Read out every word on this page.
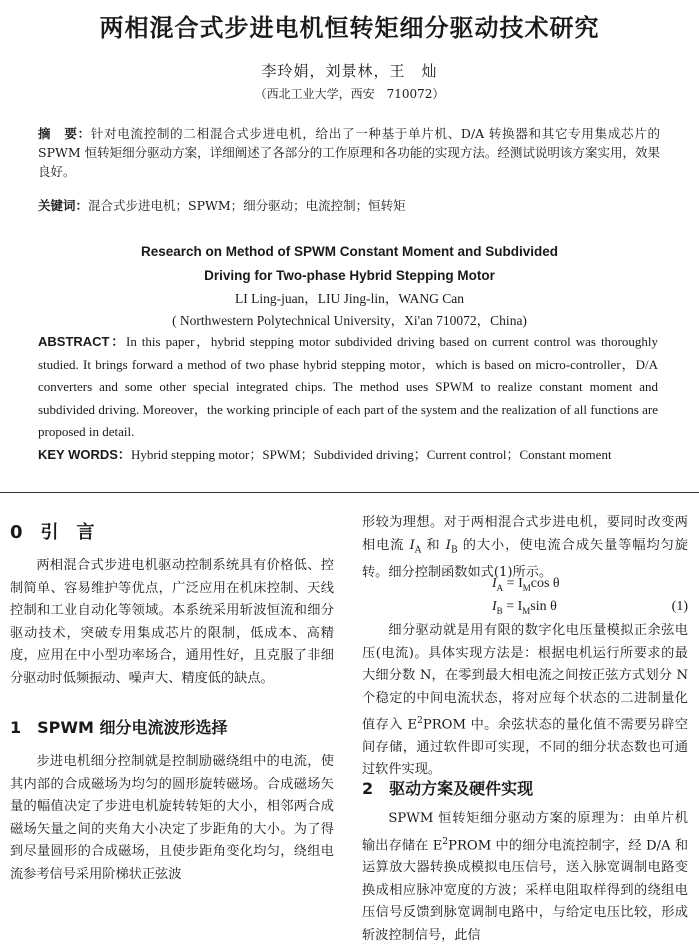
两相混合式步进电机恒转矩细分驱动技术研究
李玲娟，刘景林，王　灿
（西北工业大学，西安　710072）
摘　要：针对电流控制的二相混合式步进电机，给出了一种基于单片机、D/A 转换器和其它专用集成芯片的 SPWM 恒转矩细分驱动方案，详细阐述了各部分的工作原理和各功能的实现方法。经测试说明该方案实用，效果良好。
关键词：混合式步进电机；SPWM；细分驱动；电流控制；恒转矩
Research on Method of SPWM Constant Moment and Subdivided
Driving for Two-phase Hybrid Stepping Motor
LI Ling-juan，LIU Jing-lin，WANG Can
( Northwestern Polytechnical University，Xi'an 710072，China)
ABSTRACT：In this paper，hybrid stepping motor subdivided driving based on current control was thoroughly studied. It brings forward a method of two phase hybrid stepping motor，which is based on micro-controller，D/A converters and some other special integrated chips. The method uses SPWM to realize constant moment and subdivided driving. Moreover，the working principle of each part of the system and the realization of all functions are proposed in detail.
KEY WORDS：Hybrid stepping motor；SPWM；Subdivided driving；Current control；Constant moment
0　引　言

两相混合式步进电机驱动控制系统具有价格低、控制简单、容易维护等优点，广泛应用在机床控制、天线控制和工业自动化等领域。本系统采用斩波恒流和细分驱动技术，突破专用集成芯片的限制，低成本、高精度，应用在中小型功率场合，通用性好，且克服了非细分驱动时低频振动、噪声大、精度低的缺点。

1　SPWM 细分电流波形选择

步进电机细分控制就是控制励磁绕组中的电流，使其内部的合成磁场为均匀的圆形旋转磁场。合成磁场矢量的幅值决定了步进电机旋转转矩的大小，相邻两合成磁场矢量之间的夹角大小决定了步距角的大小。为了得到尽量圆形的合成磁场，且使步距角变化均匀，绕组电流参考信号采用阶梯状正弦波

形较为理想。对于两相混合式步进电机，要同时改变两相电流 $I_A$ 和 $I_B$ 的大小，使电流合成矢量等幅均匀旋转。细分控制函数如式(1)所示。

$I_A = I_M\cos$ θ
$I_B = I_M\sin$ θ	(1)

细分驱动就是用有限的数字化电压量模拟正余弦电压(电流)。具体实现方法是：根据电机运行所要求的最大细分数 N，在零到最大相电流之间按正弦方式划分 N 个稳定的中间电流状态，将对应每个状态的二进制量化值存入 $E^2PROM$ 中。余弦状态的量化值不需要另辟空间存储，通过软件即可实现，不同的细分状态数也可通过软件实现。

2　驱动方案及硬件实现

SPWM 恒转矩细分驱动方案的原理为：由单片机输出存储在 $E^2PROM$ 中的细分电流控制字，经 D/A 和运算放大器转换成模拟电压信号，送入脉宽调制电路变换成相应脉冲宽度的方波；采样电阻取样得到的绕组电压信号反馈到脉宽调制电路中，与给定电压比较，形成斩波控制信号，此信
